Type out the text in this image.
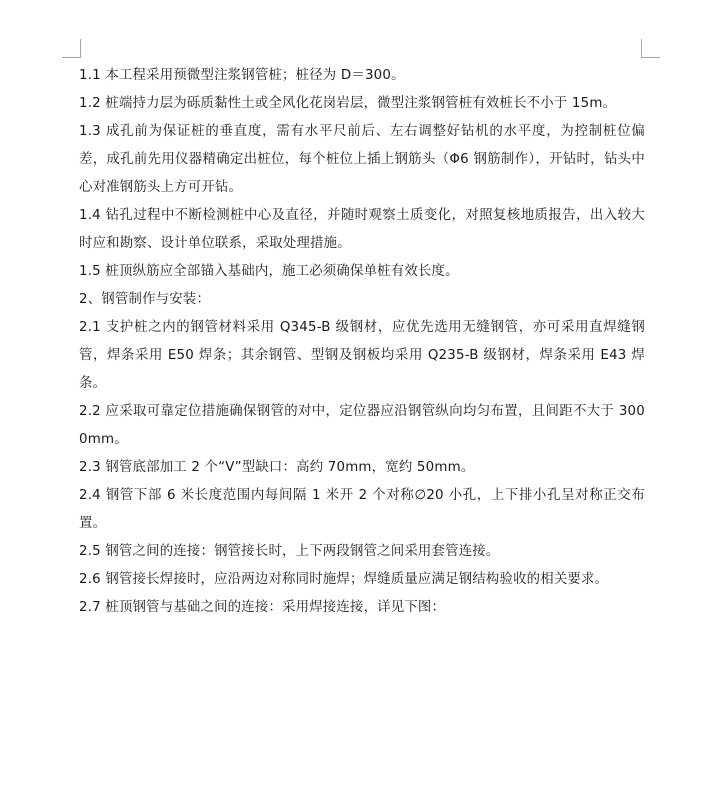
1.1 本工程采用预微型注浆钢管桩；桩径为 D＝300。

1.2 桩端持力层为砾质黏性土或全风化花岗岩层，微型注浆钢管桩有效桩长不小于 15m。

1.3 成孔前为保证桩的垂直度，需有水平尺前后、左右调整好钻机的水平度，为控制桩位偏差，成孔前先用仪器精确定出桩位，每个桩位上插上钢筋头（Φ6 钢筋制作），开钻时，钻头中心对准钢筋头上方可开钻。

1.4 钻孔过程中不断检测桩中心及直径，并随时观察土质变化，对照复核地质报告，出入较大时应和勘察、设计单位联系，采取处理措施。

1.5 桩顶纵筋应全部锚入基础内，施工必须确保单桩有效长度。

2、钢管制作与安装：

2.1 支护桩之内的钢管材料采用 Q345-B 级钢材，应优先选用无缝钢管，亦可采用直焊缝钢管，焊条采用 E50 焊条；其余钢管、型钢及钢板均采用 Q235-B 级钢材，焊条采用 E43 焊条。

2.2 应采取可靠定位措施确保钢管的对中，定位器应沿钢管纵向均匀布置，且间距不大于 3000mm。

2.3 钢管底部加工 2 个“V”型缺口：高约 70mm，宽约 50mm。

2.4 钢管下部 6 米长度范围内每间隔 1 米开 2 个对称∅20 小孔，上下排小孔呈对称正交布置。

2.5 钢管之间的连接：钢管接长时，上下两段钢管之间采用套管连接。

2.6 钢管接长焊接时，应沿两边对称同时施焊；焊缝质量应满足钢结构验收的相关要求。

2.7 桩顶钢管与基础之间的连接：采用焊接连接，详见下图：
